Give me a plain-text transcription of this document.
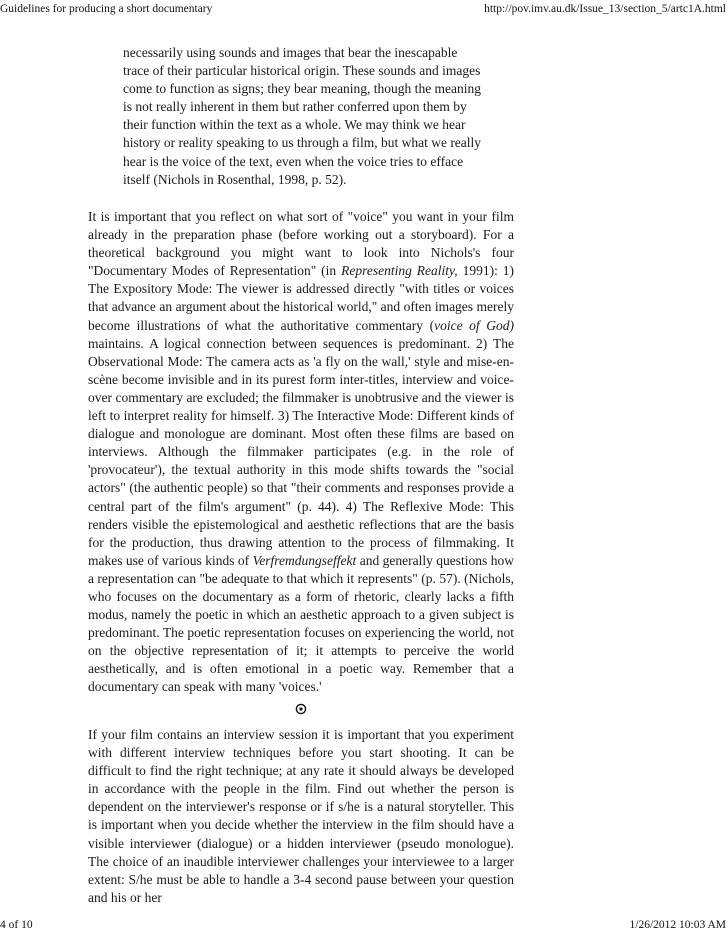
Guidelines for producing a short documentary	http://pov.imv.au.dk/Issue_13/section_5/artc1A.html

necessarily using sounds and images that bear the inescapable trace of their particular historical origin. These sounds and images come to function as signs; they bear meaning, though the meaning is not really inherent in them but rather conferred upon them by their function within the text as a whole. We may think we hear history or reality speaking to us through a film, but what we really hear is the voice of the text, even when the voice tries to efface itself (Nichols in Rosenthal, 1998, p. 52).

It is important that you reflect on what sort of "voice" you want in your film already in the preparation phase (before working out a storyboard). For a theoretical background you might want to look into Nichols's four "Documentary Modes of Representation" (in Representing Reality, 1991): 1) The Expository Mode: The viewer is addressed directly "with titles or voices that advance an argument about the historical world," and often images merely become illustrations of what the authoritative commentary (voice of God) maintains. A logical connection between sequences is predominant. 2) The Observational Mode: The camera acts as 'a fly on the wall,' style and mise-en-scène become invisible and in its purest form inter-titles, interview and voice-over commentary are excluded; the filmmaker is unobtrusive and the viewer is left to interpret reality for himself. 3) The Interactive Mode: Different kinds of dialogue and monologue are dominant. Most often these films are based on interviews. Although the filmmaker participates (e.g. in the role of 'provocateur'), the textual authority in this mode shifts towards the "social actors" (the authentic people) so that "their comments and responses provide a central part of the film's argument" (p. 44). 4) The Reflexive Mode: This renders visible the epistemological and aesthetic reflections that are the basis for the production, thus drawing attention to the process of filmmaking. It makes use of various kinds of Verfremdungseffekt and generally questions how a representation can "be adequate to that which it represents" (p. 57). (Nichols, who focuses on the documentary as a form of rhetoric, clearly lacks a fifth modus, namely the poetic in which an aesthetic approach to a given subject is predominant. The poetic representation focuses on experiencing the world, not on the objective representation of it; it attempts to perceive the world aesthetically, and is often emotional in a poetic way. Remember that a documentary can speak with many 'voices.'

If your film contains an interview session it is important that you experiment with different interview techniques before you start shooting. It can be difficult to find the right technique; at any rate it should always be developed in accordance with the people in the film. Find out whether the person is dependent on the interviewer's response or if s/he is a natural storyteller. This is important when you decide whether the interview in the film should have a visible interviewer (dialogue) or a hidden interviewer (pseudo monologue). The choice of an inaudible interviewer challenges your interviewee to a larger extent: S/he must be able to handle a 3-4 second pause between your question and his or her

4 of 10	1/26/2012 10:03 AM
